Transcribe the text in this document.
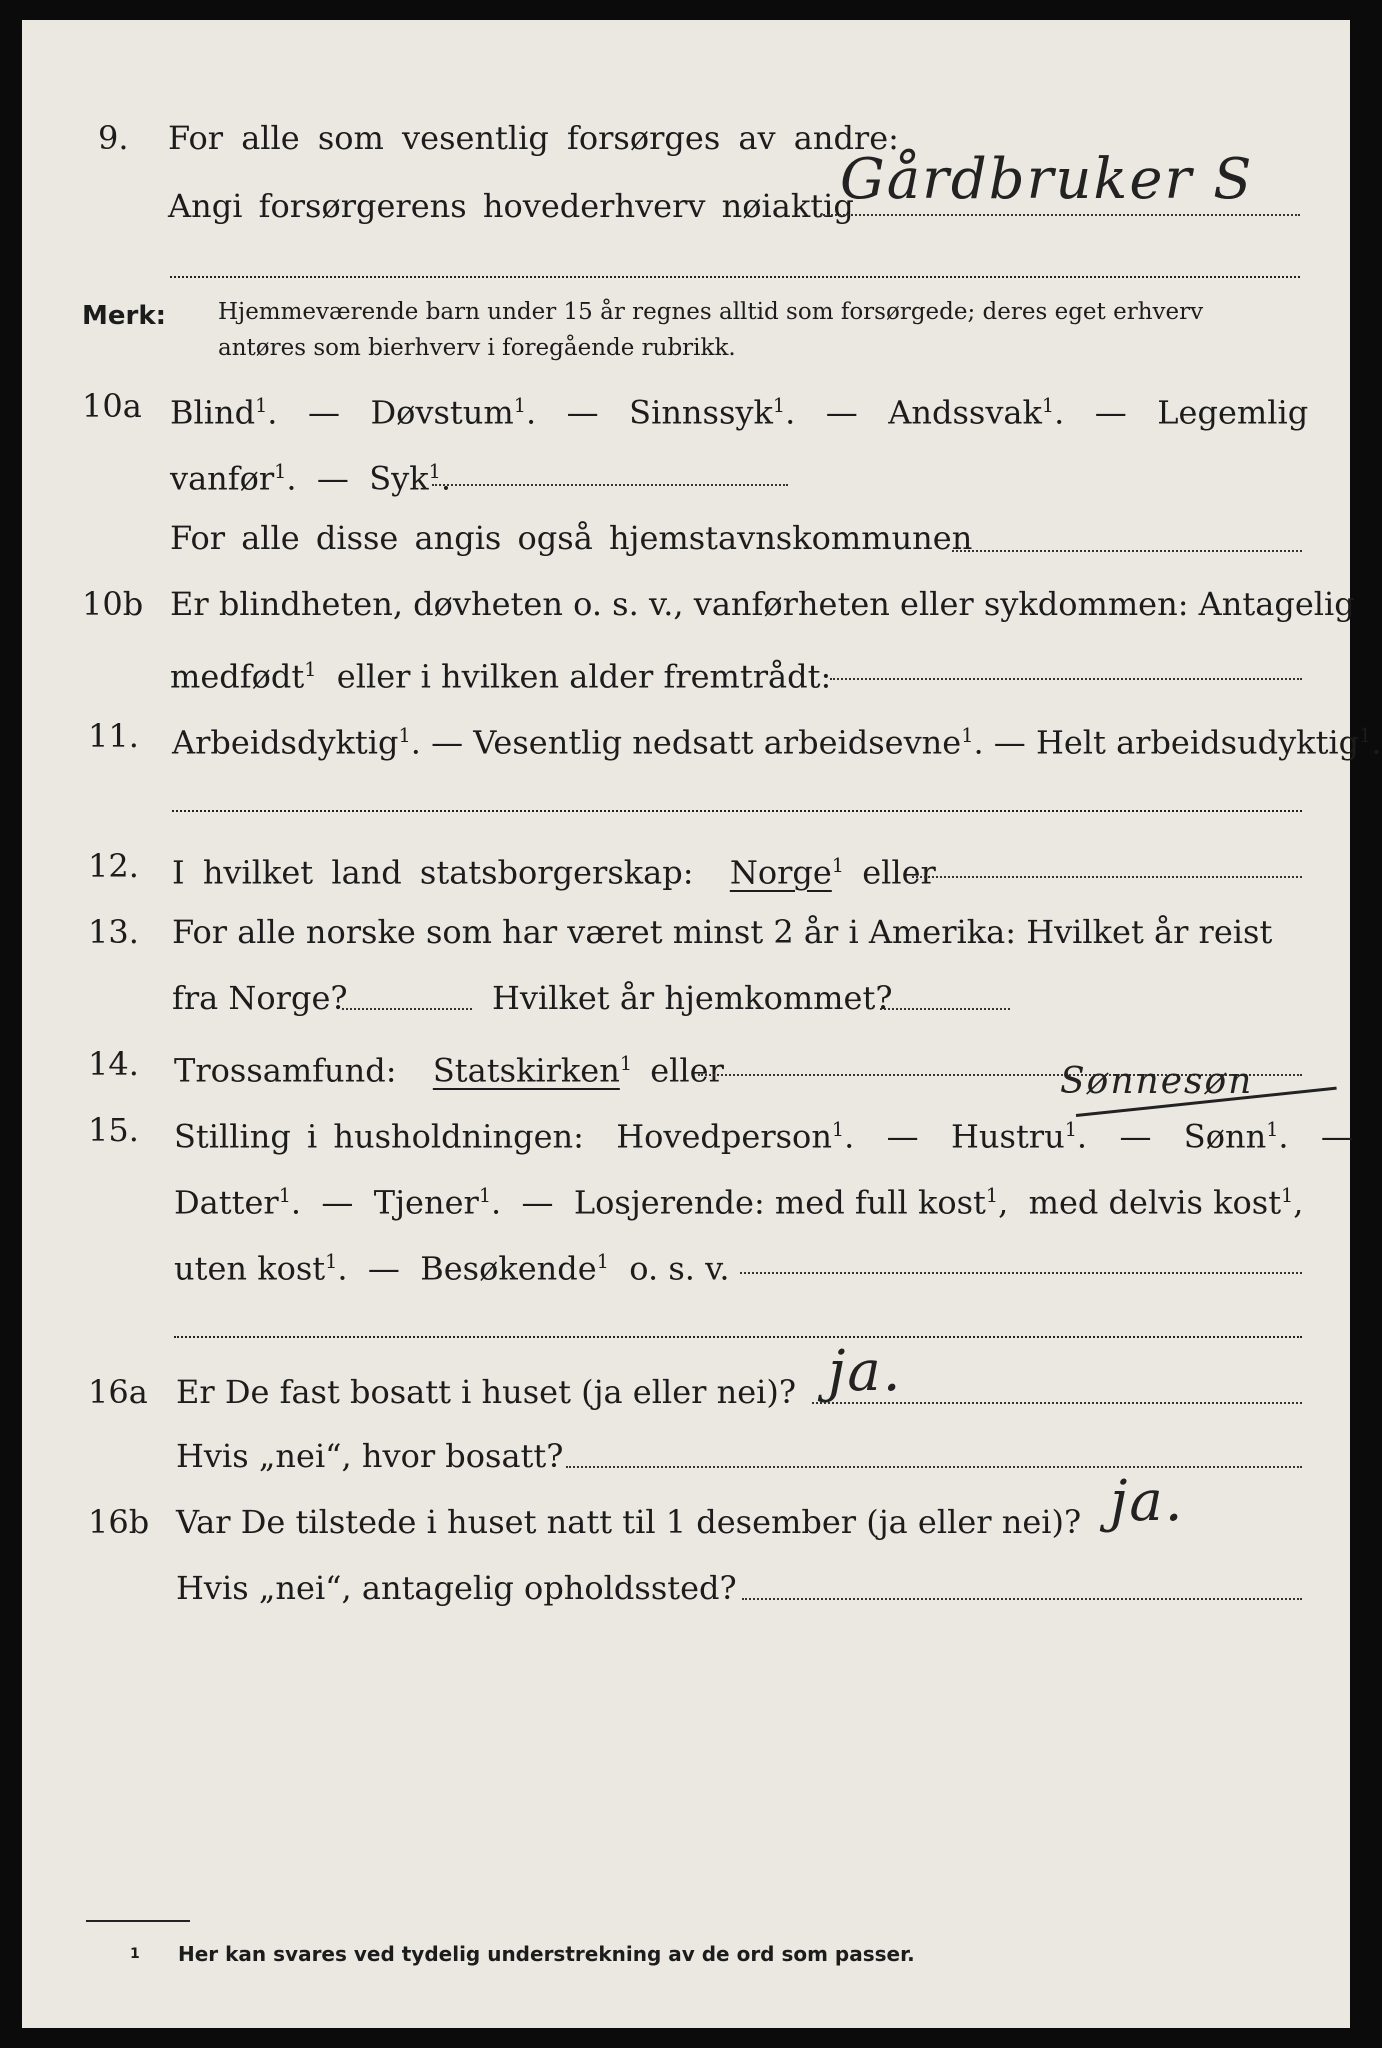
9. For alle som vesentlig forsørges av andre:
Angi forsørgerens hovederhverv nøiaktig
Gårdbruker S
Merk: Hjemmeværende barn under 15 år regnes alltid som forsørgede; deres eget erhverv
antøres som bierhverv i foregående rubrikk.
10a Blind$^1$.   — Døvstum$^1$.   — Sinnssyk$^1$.   — Andssvak$^1$.   — Legemlig
vanfør$^1$.  — Syk$^1$.
For alle disse angis også hjemstavnskommunen
10b Er blindheten, døvheten o. s. v., vanførheten eller sykdommen: Antagelig
medfødt$^1$ eller i hvilken alder fremtrådt:
11. Arbeidsdyktig$^1$. — Vesentlig nedsatt arbeidsevne$^1$. — Helt arbeidsudyktig$^1$.
12. I hvilket land statsborgerskap: Norge$^1$ eller
13. For alle norske som har været minst 2 år i Amerika: Hvilket år reist
fra Norge?	Hvilket år hjemkommet?
14. Trossamfund: Statskirken$^1$ eller	Sønnesøn
15. Stilling i husholdningen: Hovedperson$^1$.  — Hustru$^1$.  — Sønn$^1$.  —
Datter$^1$.  — Tjener$^1$.  — Losjerende: med full kost$^1$,  med delvis kost$^1$,
uten kost$^1$.  — Besøkende$^1$ o. s. v.
16a Er De fast bosatt i huset (ja eller nei)? ja.
Hvis „nei“, hvor bosatt?
16b Var De tilstede i huset natt til 1 desember (ja eller nei)? ja.
Hvis „nei“, antagelig opholdssted?
1 Her kan svares ved tydelig understrekning av de ord som passer.
